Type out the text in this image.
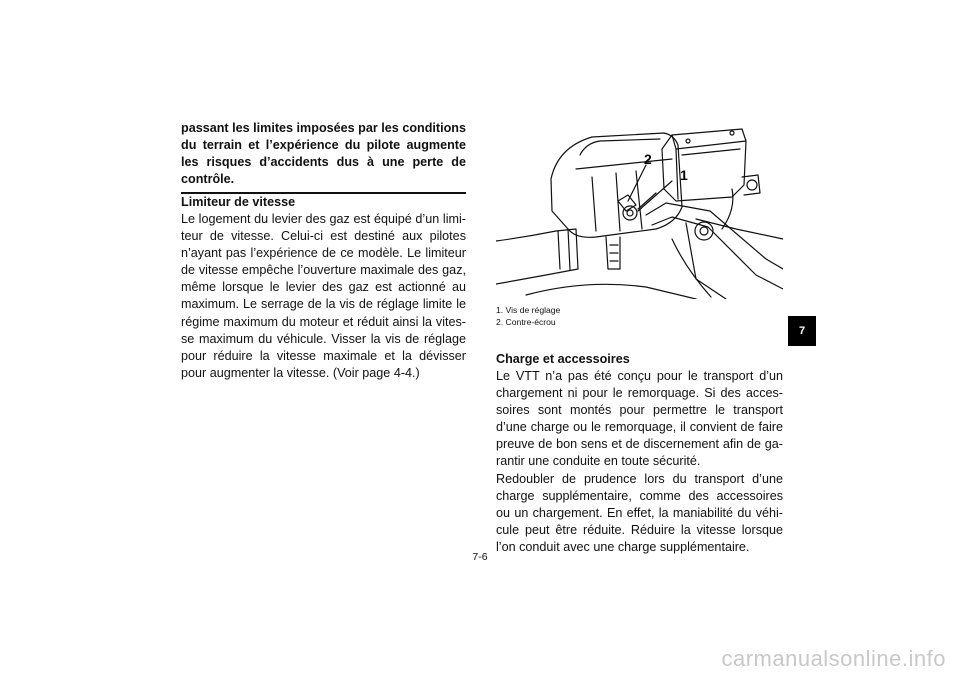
passant les limites imposées par les conditions du terrain et l’expérience du pilote augmente les risques d’accidents dus à une perte de contrôle.

Limiteur de vitesse

Le logement du levier des gaz est équipé d’un limiteur de vitesse. Celui-ci est destiné aux pilotes n’ayant pas l’expérience de ce modèle. Le limiteur de vitesse empêche l’ouverture maximale des gaz, même lorsque le levier des gaz est actionné au maximum. Le serrage de la vis de réglage limite le régime maximum du moteur et réduit ainsi la vitesse maximum du véhicule. Visser la vis de réglage pour réduire la vitesse maximale et la dévisser pour augmenter la vitesse. (Voir page 4-4.)

2
1
1. Vis de réglage
2. Contre-écrou
Charge et accessoires

Le VTT n’a pas été conçu pour le transport d’un chargement ni pour le remorquage. Si des accessoires sont montés pour permettre le transport d’une charge ou le remorquage, il convient de faire preuve de bon sens et de discernement afin de garantir une conduite en toute sécurité.

Redoubler de prudence lors du transport d’une charge supplémentaire, comme des accessoires ou un chargement. En effet, la maniabilité du véhicule peut être réduite. Réduire la vitesse lorsque l’on conduit avec une charge supplémentaire.

7
7-6
carmanualsonline.info
